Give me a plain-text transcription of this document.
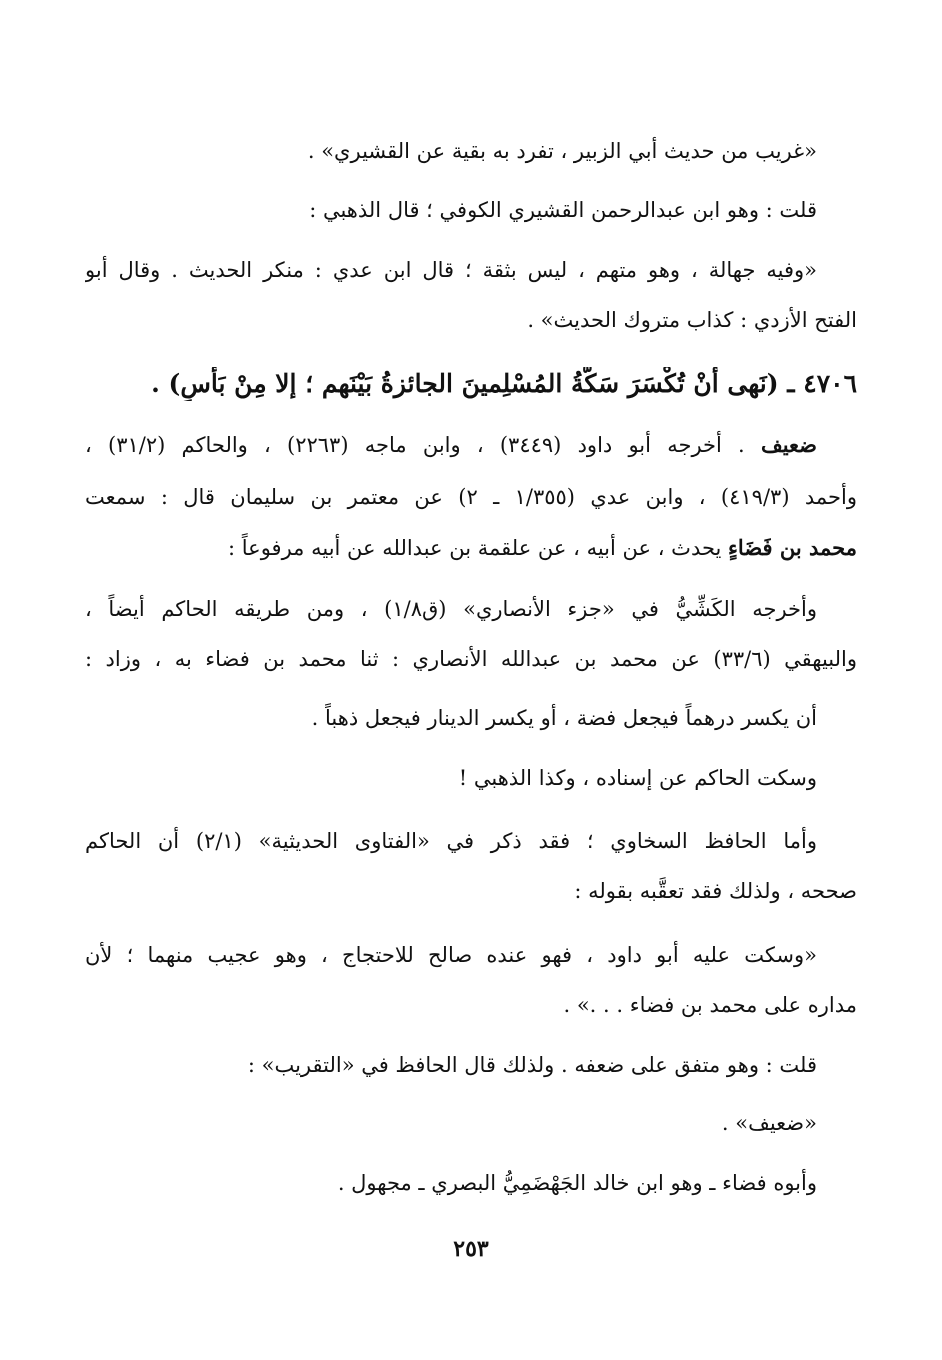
«غريب من حديث أبي الزبير ، تفرد به بقية عن القشيري» .
قلت : وهو ابن عبدالرحمن القشيري الكوفي ؛ قال الذهبي :
«وفيه جهالة ، وهو متهم ، ليس بثقة ؛ قال ابن عدي : منكر الحديث . وقال أبو
الفتح الأزدي : كذاب متروك الحديث» .
٤٧٠٦ ـ (نَهى أَنْ تُكْسَرَ سَكَّةُ المُسْلِمينَ الجائزةُ بَيْنَهم ؛ إلا مِنْ بَأْسٍ) .
ضعيف . أخرجه أبو داود (٣٤٤٩) ، وابن ماجه (٢٢٦٣) ، والحاكم (٣١/٢) ،
وأحمد (٤١٩/٣) ، وابن عدي (١/٣٥٥ ـ ٢) عن معتمر بن سليمان قال : سمعت
محمد بن فَضَاءٍ يحدث ، عن أبيه ، عن علقمة بن عبدالله عن أبيه مرفوعاً :
وأخرجه الكَشِّيُّ في «جزء الأنصاري» (ق١/٨) ، ومن طريقه الحاكم أيضاً ،
والبيهقي (٣٣/٦) عن محمد بن عبدالله الأنصاري : ثنا محمد بن فضاء به ، وزاد :
أن يكسر درهماً فيجعل فضة ، أو يكسر الدينار فيجعل ذهباً .
وسكت الحاكم عن إسناده ، وكذا الذهبي !
وأما الحافظ السخاوي ؛ فقد ذكر في «الفتاوى الحديثية» (٢/١) أن الحاكم
صححه ، ولذلك فقد تعقَّبه بقوله :
«وسكت عليه أبو داود ، فهو عنده صالح للاحتجاج ، وهو عجيب منهما ؛ لأن
مداره على محمد بن فضاء . . .» .
قلت : وهو متفق على ضعفه . ولذلك قال الحافظ في «التقريب» :
«ضعيف» .
وأبوه فضاء ـ وهو ابن خالد الجَهْضَمِيُّ البصري ـ مجهول .
٢٥٣
